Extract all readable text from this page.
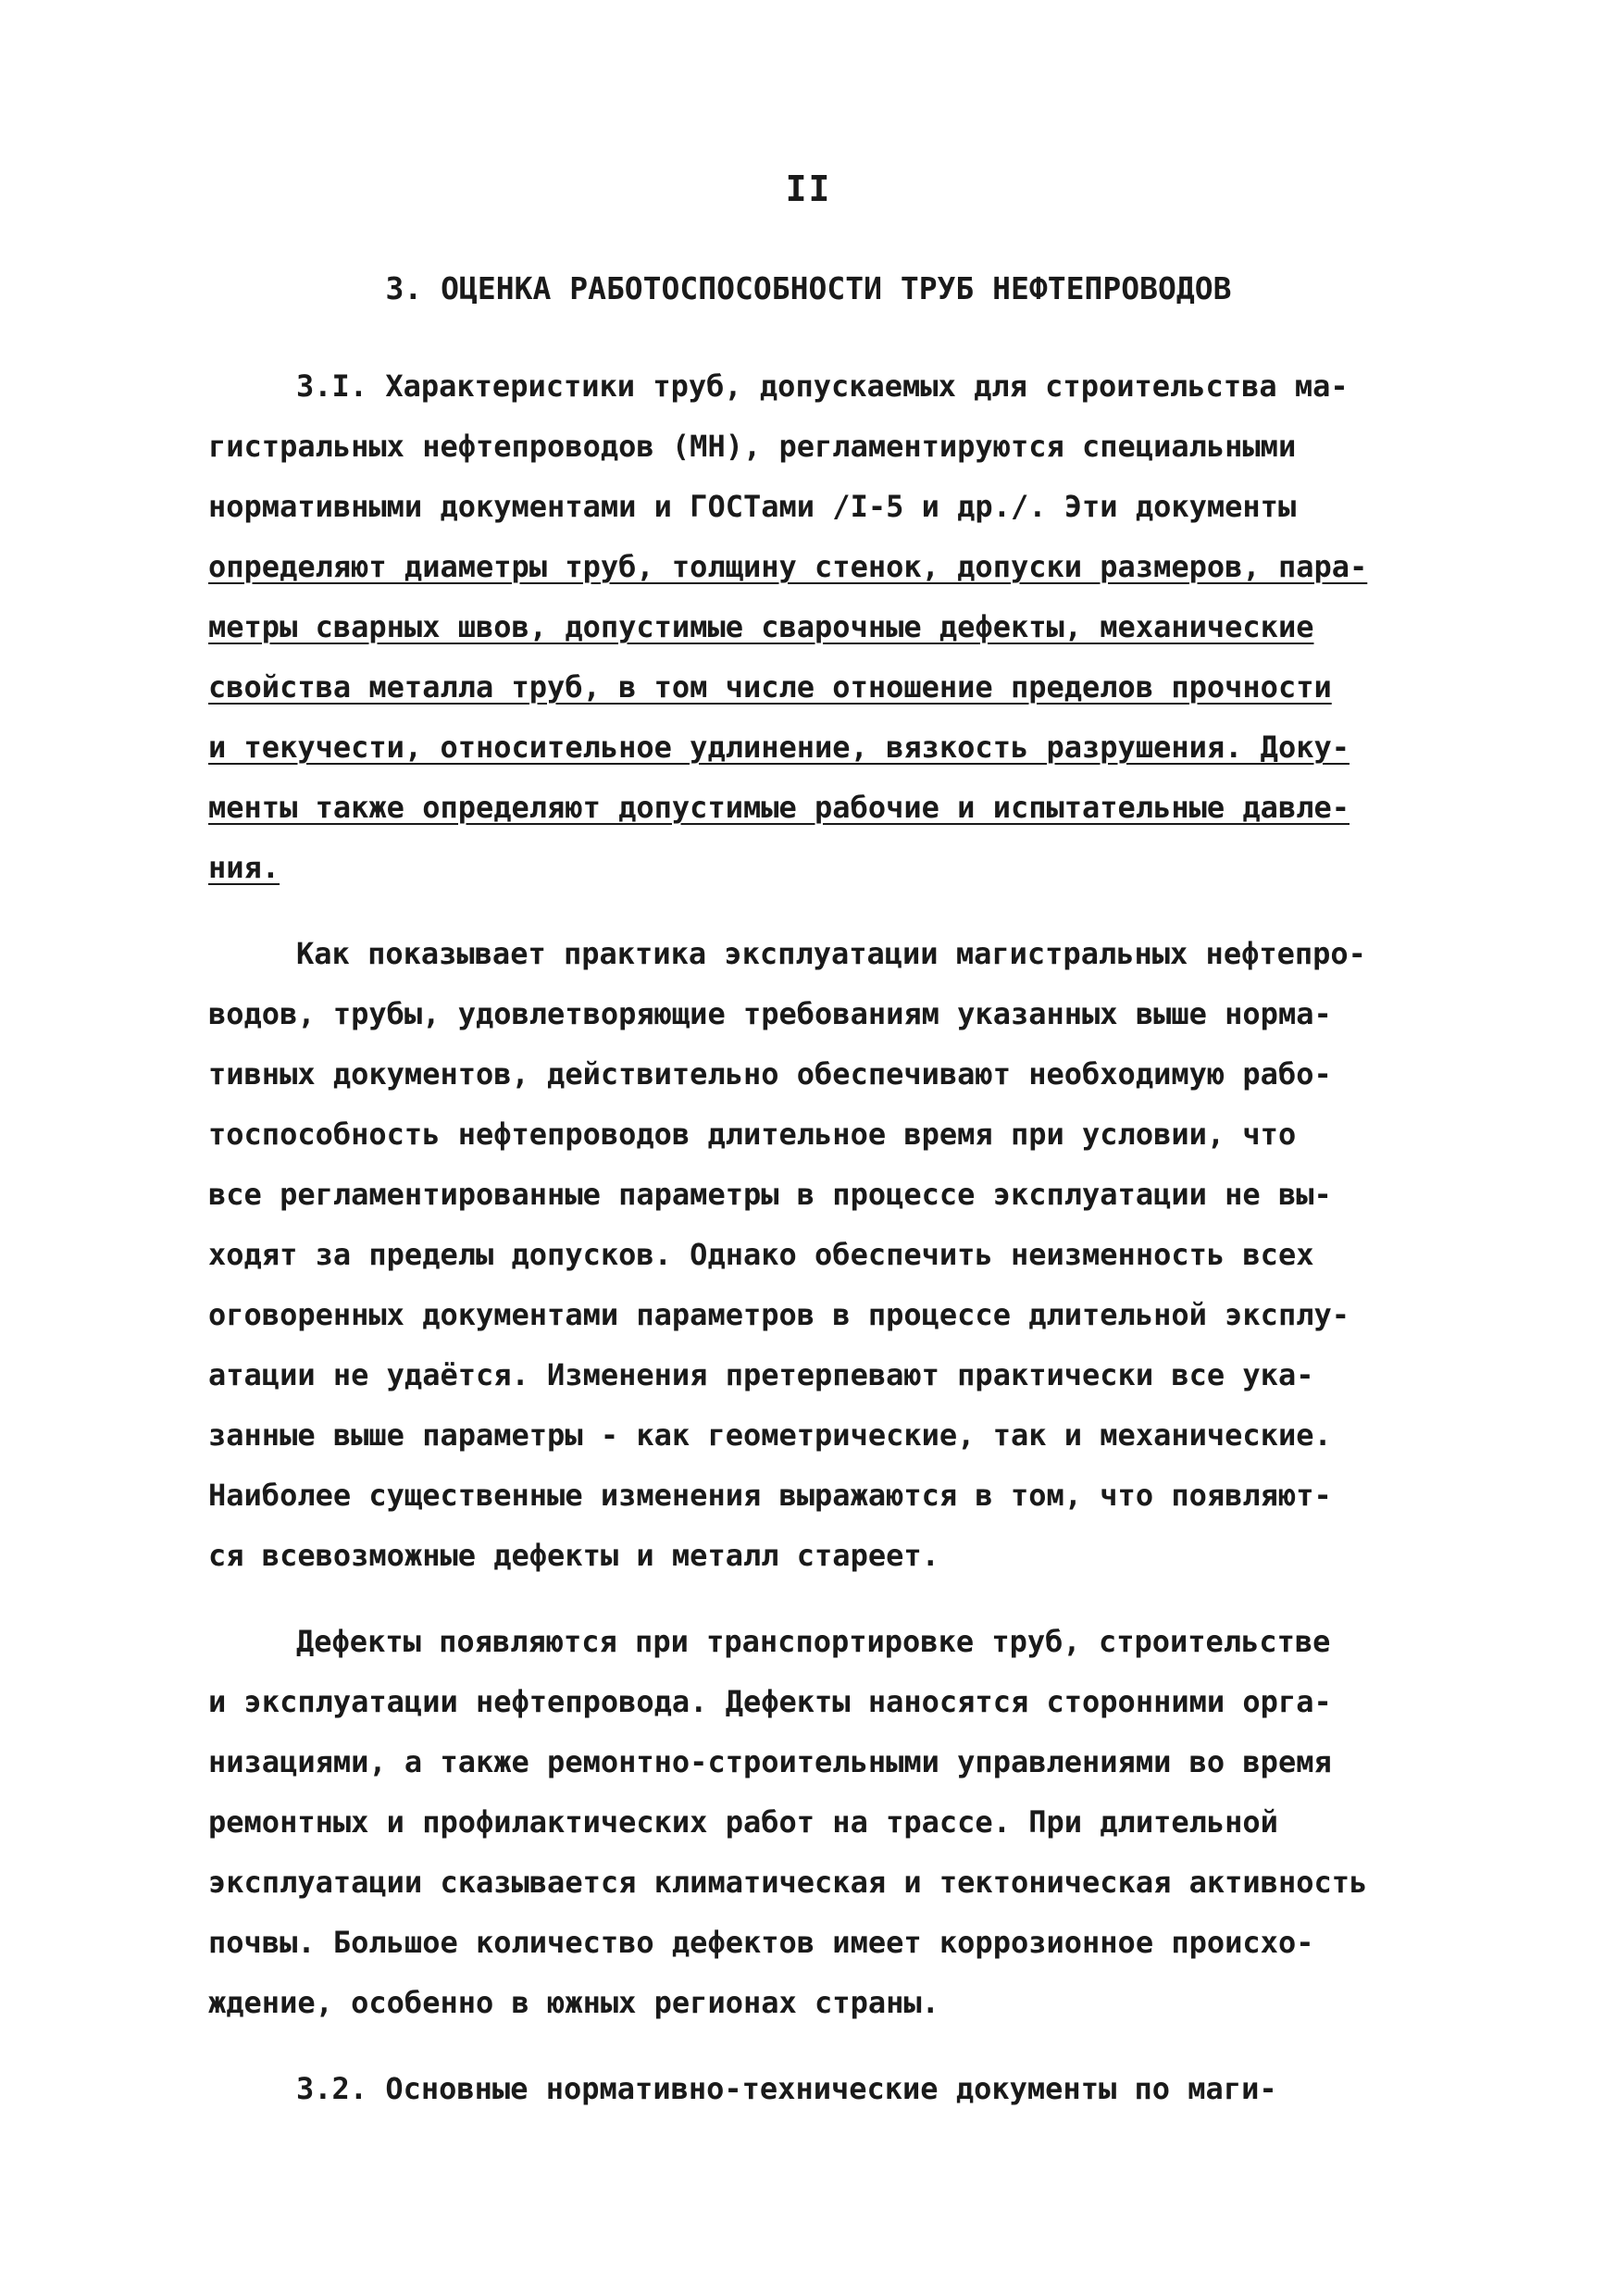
II
3. ОЦЕНКА РАБОТОСПОСОБНОСТИ ТРУБ НЕФТЕПРОВОДОВ
3.I. Характеристики труб, допускаемых для строительства ма-
гистральных нефтепроводов (МН), регламентируются специальными
нормативными документами и ГОСТами /I-5 и др./. Эти документы
определяют диаметры труб, толщину стенок, допуски размеров, пара-
метры сварных швов, допустимые сварочные дефекты, механические
свойства металла труб, в том числе отношение пределов прочности
и текучести, относительное удлинение, вязкость разрушения. Доку-
менты также определяют допустимые рабочие и испытательные давле-
ния.
Как показывает практика эксплуатации магистральных нефтепро-
водов, трубы, удовлетворяющие требованиям указанных выше норма-
тивных документов, действительно обеспечивают необходимую рабо-
тоспособность нефтепроводов длительное время при условии, что
все регламентированные параметры в процессе эксплуатации не вы-
ходят за пределы допусков. Однако обеспечить неизменность всех
оговоренных документами параметров в процессе длительной эксплу-
атации не удаётся. Изменения претерпевают практически все ука-
занные выше параметры - как геометрические, так и механические.
Наиболее существенные изменения выражаются в том, что появляют-
ся всевозможные дефекты и металл стареет.
Дефекты появляются при транспортировке труб, строительстве
и эксплуатации нефтепровода. Дефекты наносятся сторонними орга-
низациями, а также ремонтно-строительными управлениями во время
ремонтных и профилактических работ на трассе. При длительной
эксплуатации сказывается климатическая и тектоническая активность
почвы. Большое количество дефектов имеет коррозионное происхо-
ждение, особенно в южных регионах страны.
3.2. Основные нормативно-технические документы по маги-
